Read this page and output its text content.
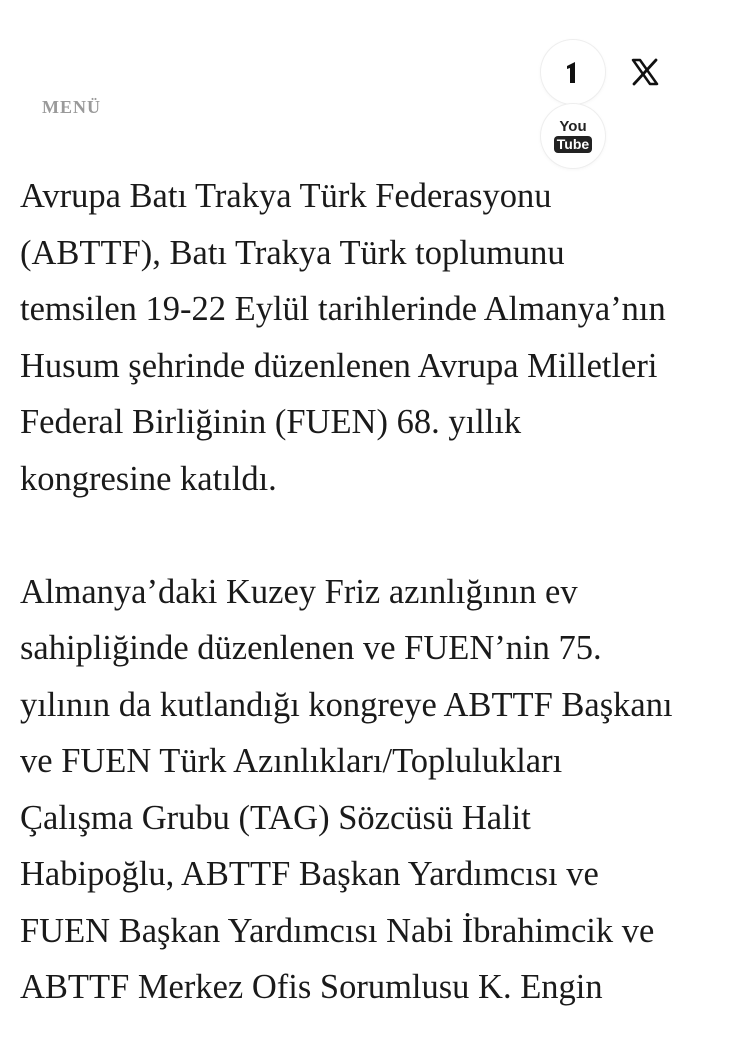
MENÜ
You
Tube

Avrupa Batı Trakya Türk Federasyonu
(ABTTF), Batı Trakya Türk toplumunu
temsilen 19-22 Eylül tarihlerinde Almanya’nın
Husum şehrinde düzenlenen Avrupa Milletleri
Federal Birliğinin (FUEN) 68. yıllık
kongresine katıldı.

Almanya’daki Kuzey Friz azınlığının ev
sahipliğinde düzenlenen ve FUEN’nin 75.
yılının da kutlandığı kongreye ABTTF Başkanı
ve FUEN Türk Azınlıkları/Toplulukları
Çalışma Grubu (TAG) Sözcüsü Halit
Habipoğlu, ABTTF Başkan Yardımcısı ve
FUEN Başkan Yardımcısı Nabi İbrahimcik ve
ABTTF Merkez Ofis Sorumlusu K. Engin
